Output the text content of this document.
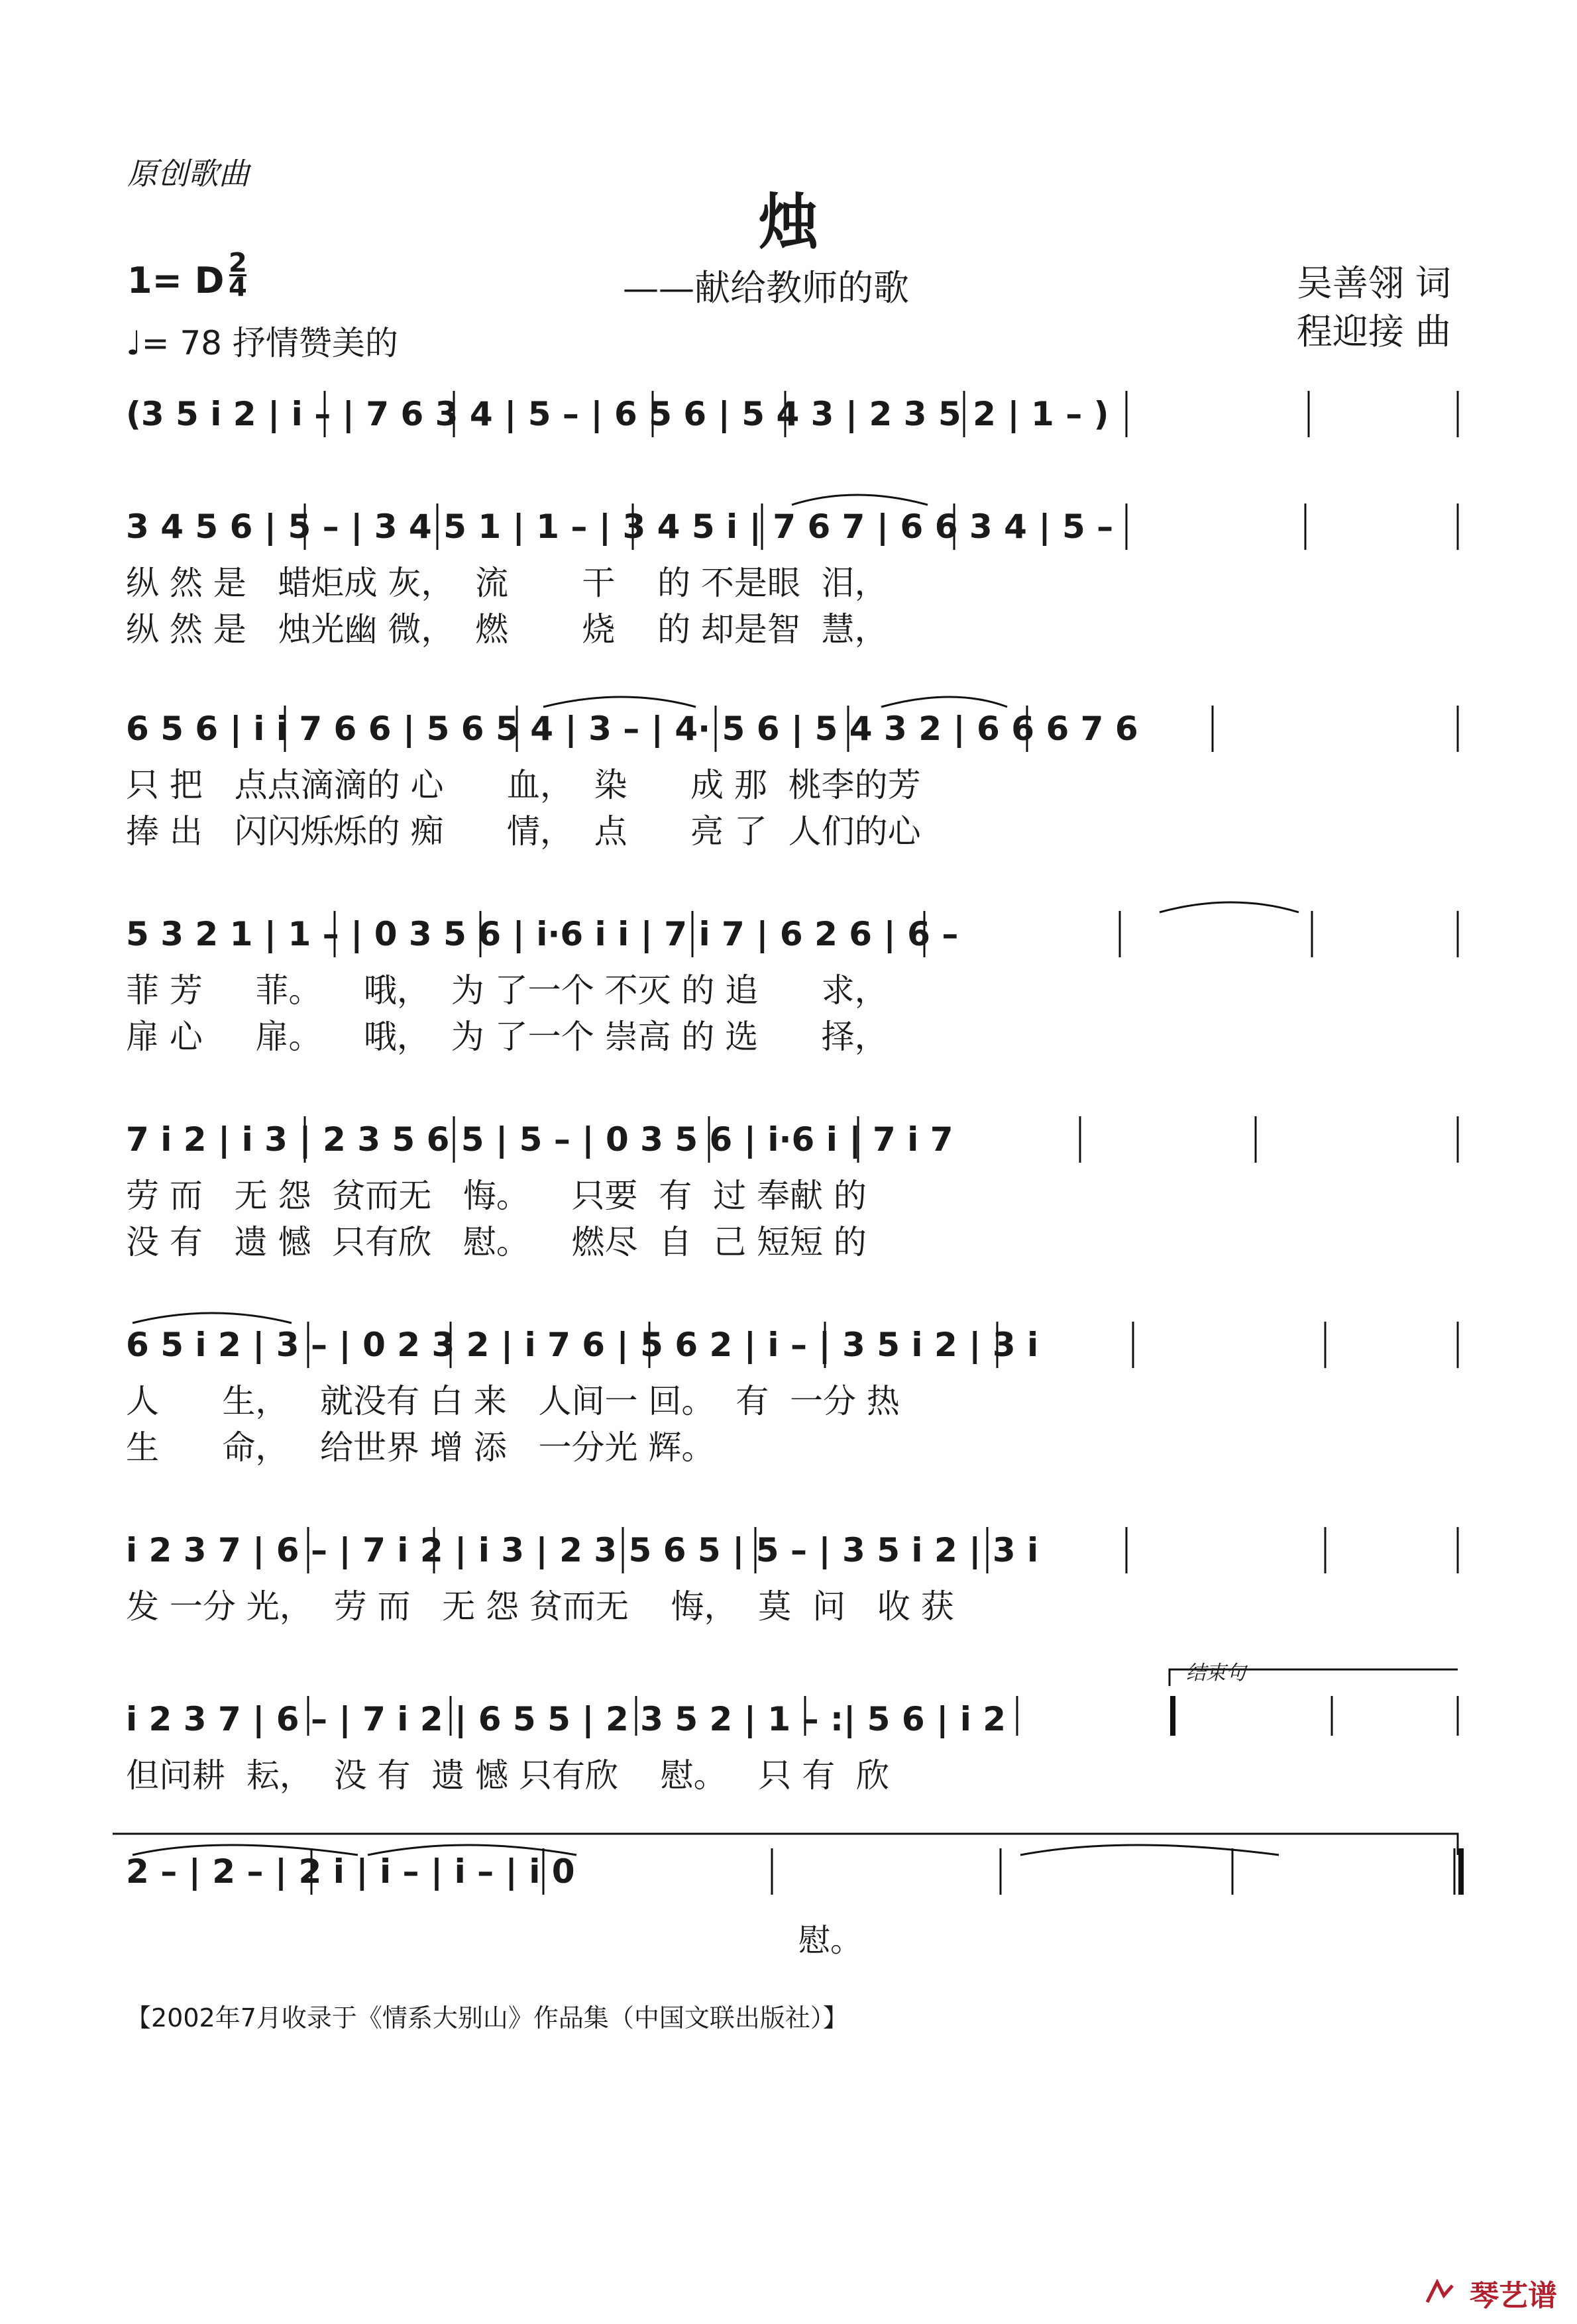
原创歌曲
烛
——献给教师的歌
1= D 2
4
♩= 78 抒情赞美的
吴善翎 词
程迎接 曲
(3 5 i 2 | i – | 7 6 3 4 | 5 – | 6 5 6 | 5 4 3 | 2 3 5 2 | 1 – )
3 4 5 6 | 5 – | 3 4 5 1 | 1 – | 3 4 5 i | 7 6 7 | 6 6 3 4 | 5 –
纵 然 是   蜡炬成 灰，  流       干    的 不是眼  泪，
纵 然 是   烛光幽 微，  燃       烧    的 却是智  慧，
6 5 6 | i i 7 6 6 | 5 6 5 4 | 3 – | 4· 5 6 | 5 4 3 2 | 6 6 6 7 6
只 把   点点滴滴的 心      血，  染      成 那  桃李的芳
捧 出   闪闪烁烁的 痴      情，  点      亮 了  人们的心
5 3 2 1 | 1 – | 0 3 5 6 | i·6 i i | 7 i 7 | 6 2 6 | 6 –
菲 芳     菲。    哦，  为 了一个 不灭 的 追      求，
扉 心     扉。    哦，  为 了一个 崇高 的 选      择，
7 i 2 | i 3 | 2 3 5 6 5 | 5 – | 0 3 5 6 | i·6 i | 7 i 7
劳 而   无 怨  贫而无   悔。    只要  有  过 奉献 的
没 有   遗 憾  只有欣   慰。    燃尽  自  己 短短 的
6 5 i 2 | 3 – | 0 2 3 2 | i 7 6 | 5 6 2 | i – | 3 5 i 2 | 3 i
人      生，   就没有 白 来   人间一 回。  有  一分 热
生      命，   给世界 增 添   一分光 辉。
i 2 3 7 | 6 – | 7 i 2 | i 3 | 2 3 5 6 5 | 5 – | 3 5 i 2 | 3 i
发 一分 光，  劳 而   无 怨 贫而无    悔，  莫  问   收 获
结束句
i 2 3 7 | 6 – | 7 i 2 | 6 5 5 | 2 3 5 2 | 1 – :| 5 6 | i 2
但问耕  耘，  没 有  遗 憾 只有欣    慰。   只 有  欣
2 – | 2 – | 2 i | i – | i – | i 0
慰。
【2002年7月收录于《情系大别山》作品集（中国文联出版社）】
琴艺谱
